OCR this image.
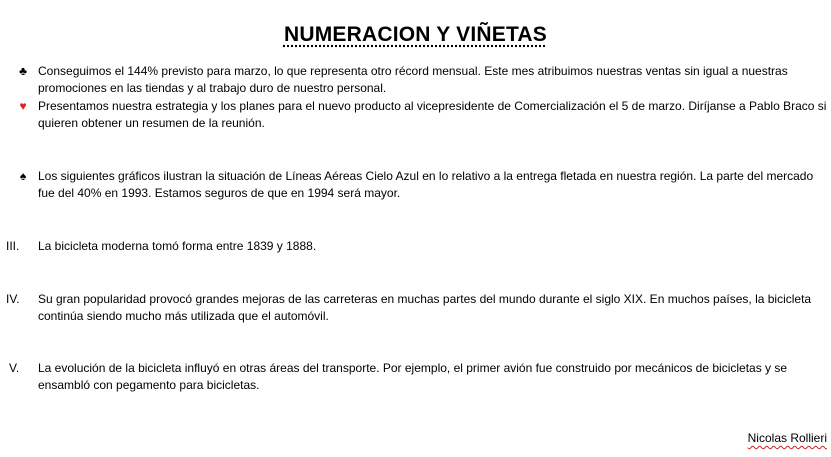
NUMERACION Y VIÑETAS
♣ Conseguimos el 144% previsto para marzo, lo que representa otro récord mensual. Este mes atribuimos nuestras ventas sin igual a nuestras
promociones en las tiendas y al trabajo duro de nuestro personal.
♥ Presentamos nuestra estrategia y los planes para el nuevo producto al vicepresidente de Comercialización el 5 de marzo. Diríjanse a Pablo Braco si
quieren obtener un resumen de la reunión.
♠ Los siguientes gráficos ilustran la situación de Líneas Aéreas Cielo Azul en lo relativo a la entrega fletada en nuestra región. La parte del mercado
fue del 40% en 1993. Estamos seguros de que en 1994 será mayor.
III. La bicicleta moderna tomó forma entre 1839 y 1888.
IV. Su gran popularidad provocó grandes mejoras de las carreteras en muchas partes del mundo durante el siglo XIX. En muchos países, la bicicleta
continúa siendo mucho más utilizada que el automóvil.
V. La evolución de la bicicleta influyó en otras áreas del transporte. Por ejemplo, el primer avión fue construido por mecánicos de bicicletas y se
ensambló con pegamento para bicicletas.
Nicolas Rollieri
